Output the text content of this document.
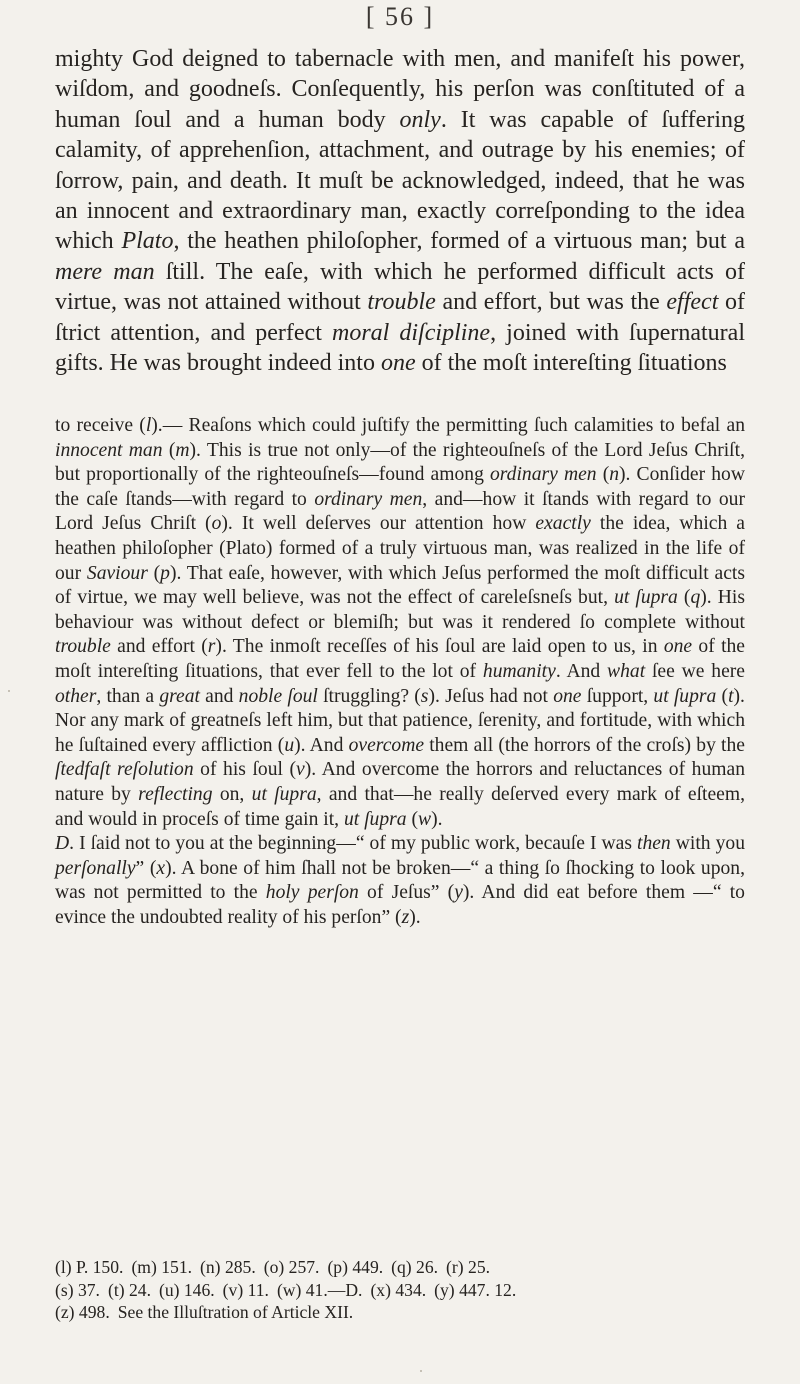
[ 56 ]

mighty God deigned to tabernacle with men, and manifeſt his power, wiſdom, and goodneſs. Conſequently, his perſon was conſtituted of a human ſoul and a human body only. It was capable of ſuffering calamity, of apprehenſion, attachment, and outrage by his enemies; of ſorrow, pain, and death. It muſt be acknowledged, indeed, that he was an innocent and extraordinary man, exactly correſponding to the idea which Plato, the heathen philoſopher, formed of a virtuous man; but a mere man ſtill. The eaſe, with which he performed difficult acts of virtue, was not attained without trouble and effort, but was the effect of ſtrict attention, and perfect moral diſcipline, joined with ſupernatural gifts. He was brought indeed into one of the moſt intereſting ſituations

to receive (l).— Reaſons which could juſtify the permitting ſuch calamities to befal an innocent man (m). This is true not only—of the righteouſneſs of the Lord Jeſus Chriſt, but proportionally of the righteouſneſs—found among ordinary men (n). Conſider how the caſe ſtands—with regard to ordinary men, and—how it ſtands with regard to our Lord Jeſus Chriſt (o). It well deſerves our attention how exactly the idea, which a heathen philoſopher (Plato) formed of a truly virtuous man, was realized in the life of our Saviour (p). That eaſe, however, with which Jeſus performed the moſt difficult acts of virtue, we may well believe, was not the effect of careleſsneſs but, ut ſupra (q). His behaviour was without defect or blemiſh; but was it rendered ſo complete without trouble and effort (r). The inmoſt receſſes of his ſoul are laid open to us, in one of the moſt intereſting ſituations, that ever fell to the lot of humanity. And what ſee we here other, than a great and noble ſoul ſtruggling? (s). Jeſus had not one ſupport, ut ſupra (t). Nor any mark of greatneſs left him, but that patience, ſerenity, and fortitude, with which he ſuſtained every affliction (u). And overcome them all (the horrors of the croſs) by the ſtedfaſt reſolution of his ſoul (v). And overcome the horrors and reluctances of human nature by reflecting on, ut ſupra, and that—he really deſerved every mark of eſteem, and would in proceſs of time gain it, ut ſupra (w).

D. I ſaid not to you at the beginning—“ of my public work, becauſe I was then with you perſonally” (x). A bone of him ſhall not be broken—“ a thing ſo ſhocking to look upon, was not permitted to the holy perſon of Jeſus” (y). And did eat before them —“ to evince the undoubted reality of his perſon” (z).

(l) P. 150. (m) 151. (n) 285. (o) 257. (p) 449. (q) 26. (r) 25.
(s) 37. (t) 24. (u) 146. (v) 11. (w) 41.—D. (x) 434. (y) 447. 12.
(z) 498. See the Illuſtration of Article XII.
